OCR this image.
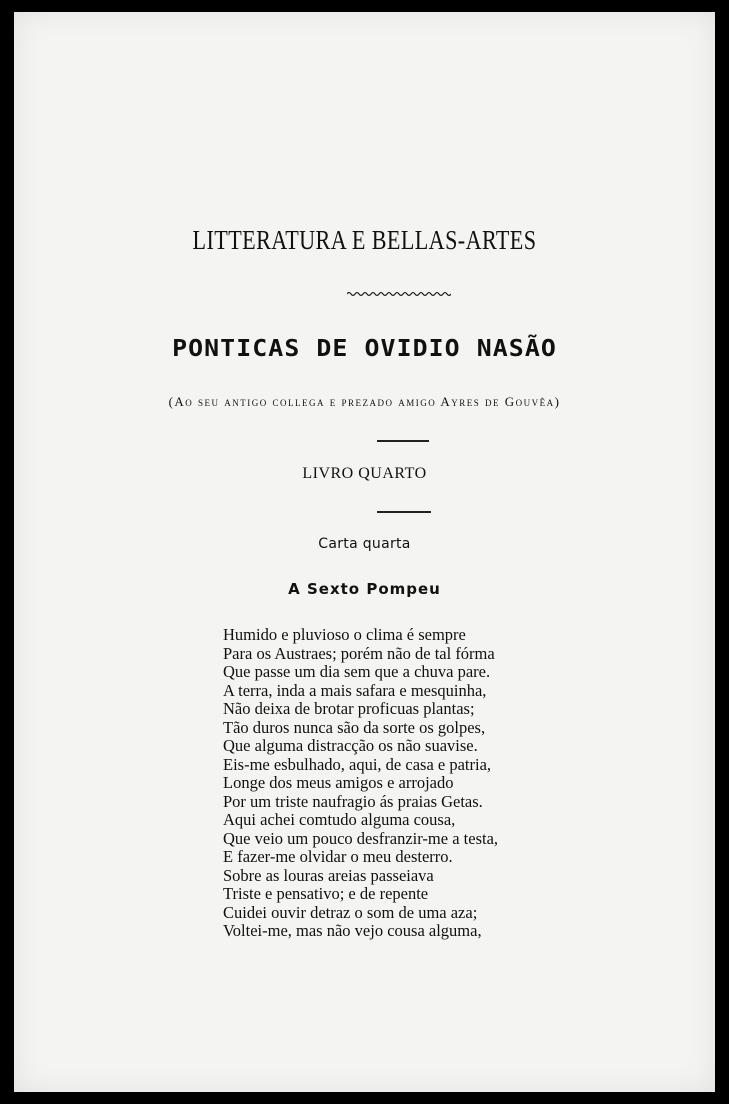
LITTERATURA E BELLAS-ARTES
PONTICAS DE OVIDIO NASÃO
(Ao seu antigo collega e prezado amigo Ayres de Gouvêa)
LIVRO QUARTO
Carta quarta
A Sexto Pompeu
Humido e pluvioso o clima é sempre
Para os Austraes; porém não de tal fórma
Que passe um dia sem que a chuva pare.
A terra, inda a mais safara e mesquinha,
Não deixa de brotar proficuas plantas;
Tão duros nunca são da sorte os golpes,
Que alguma distracção os não suavise.
Eis-me esbulhado, aqui, de casa e patria,
Longe dos meus amigos e arrojado
Por um triste naufragio ás praias Getas.
Aqui achei comtudo alguma cousa,
Que veio um pouco desfranzir-me a testa,
E fazer-me olvidar o meu desterro.
Sobre as louras areias passeiava
Triste e pensativo; e de repente
Cuidei ouvir detraz o som de uma aza;
Voltei-me, mas não vejo cousa alguma,
